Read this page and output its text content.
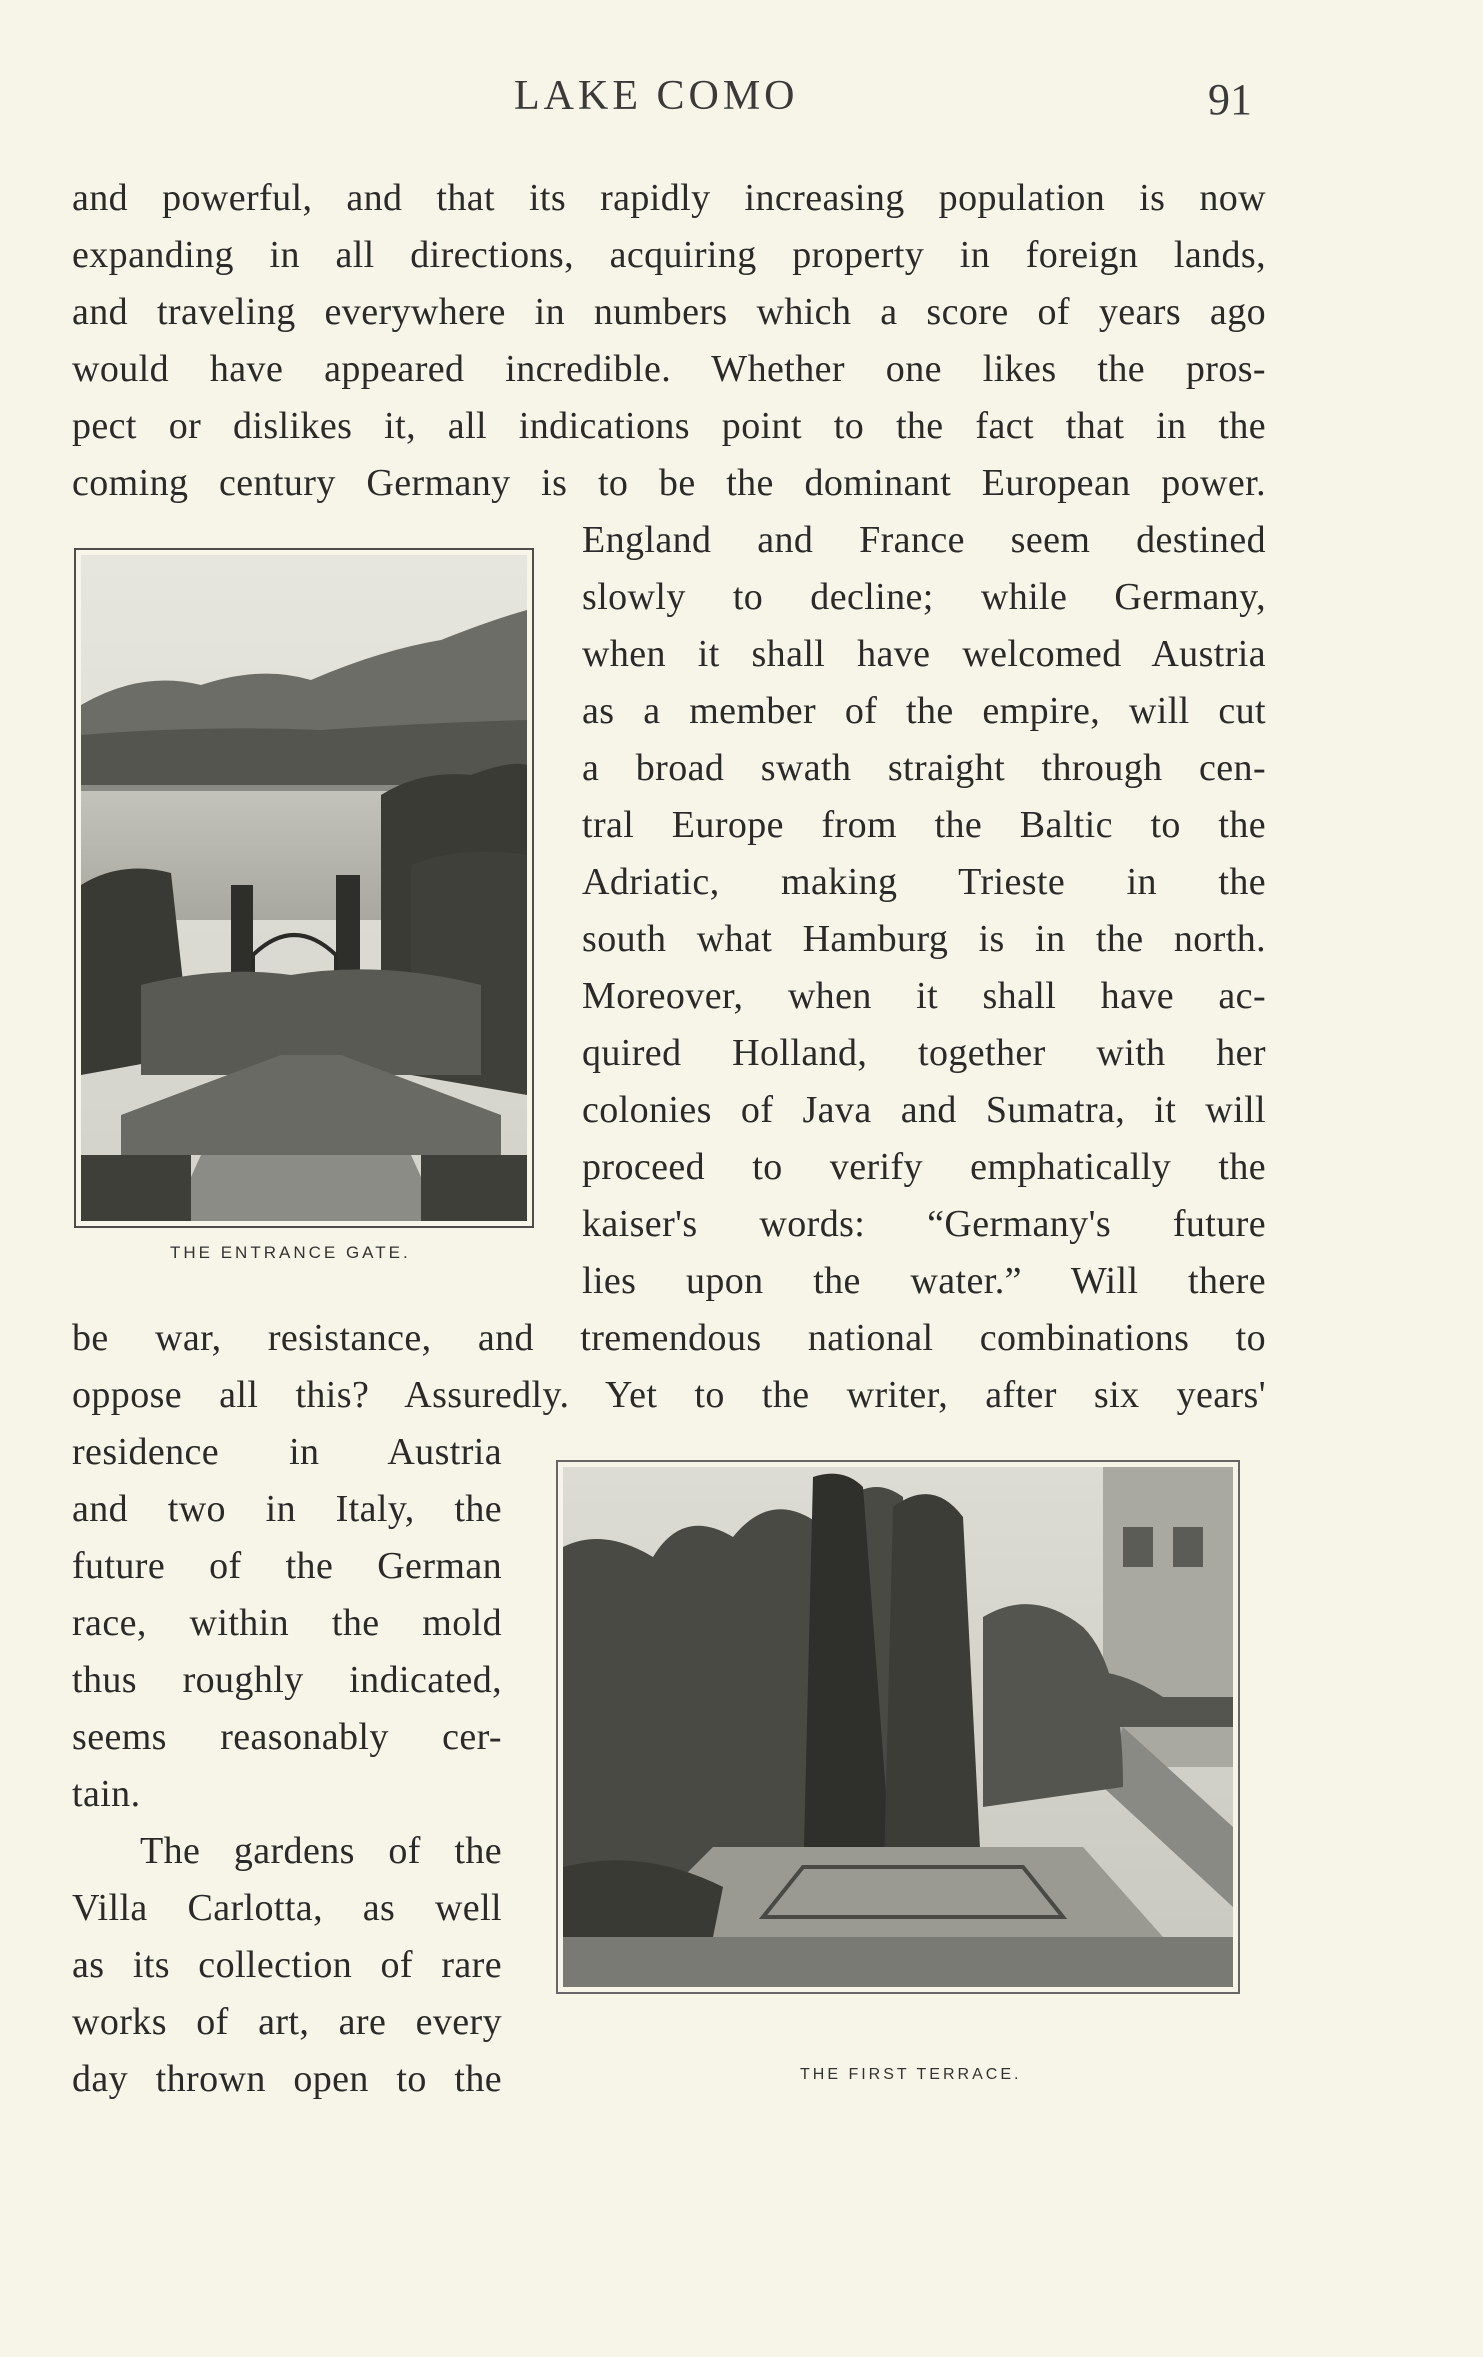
LAKE COMO	91
and powerful, and that its rapidly increasing population is now
expanding in all directions, acquiring property in foreign lands,
and traveling everywhere in numbers which a score of years ago
would have appeared incredible. Whether one likes the pros-
pect or dislikes it, all indications point to the fact that in the
coming century Germany is to be the dominant European power.
THE ENTRANCE GATE.
England and France seem destined
slowly to decline; while Germany,
when it shall have welcomed Austria
as a member of the empire, will cut
a broad swath straight through cen-
tral Europe from the Baltic to the
Adriatic, making Trieste in the
south what Hamburg is in the north.
Moreover, when it shall have ac-
quired Holland, together with her
colonies of Java and Sumatra, it will
proceed to verify emphatically the
kaiser's words: “Germany's future
lies upon the water.” Will there
be war, resistance, and tremendous national combinations to
oppose all this? Assuredly. Yet to the writer, after six years'
residence in Austria
and two in Italy, the
future of the German
race, within the mold
thus roughly indicated,
seems reasonably cer-
tain.
The gardens of the
Villa Carlotta, as well
as its collection of rare
works of art, are every
day thrown open to the	THE FIRST TERRACE.
